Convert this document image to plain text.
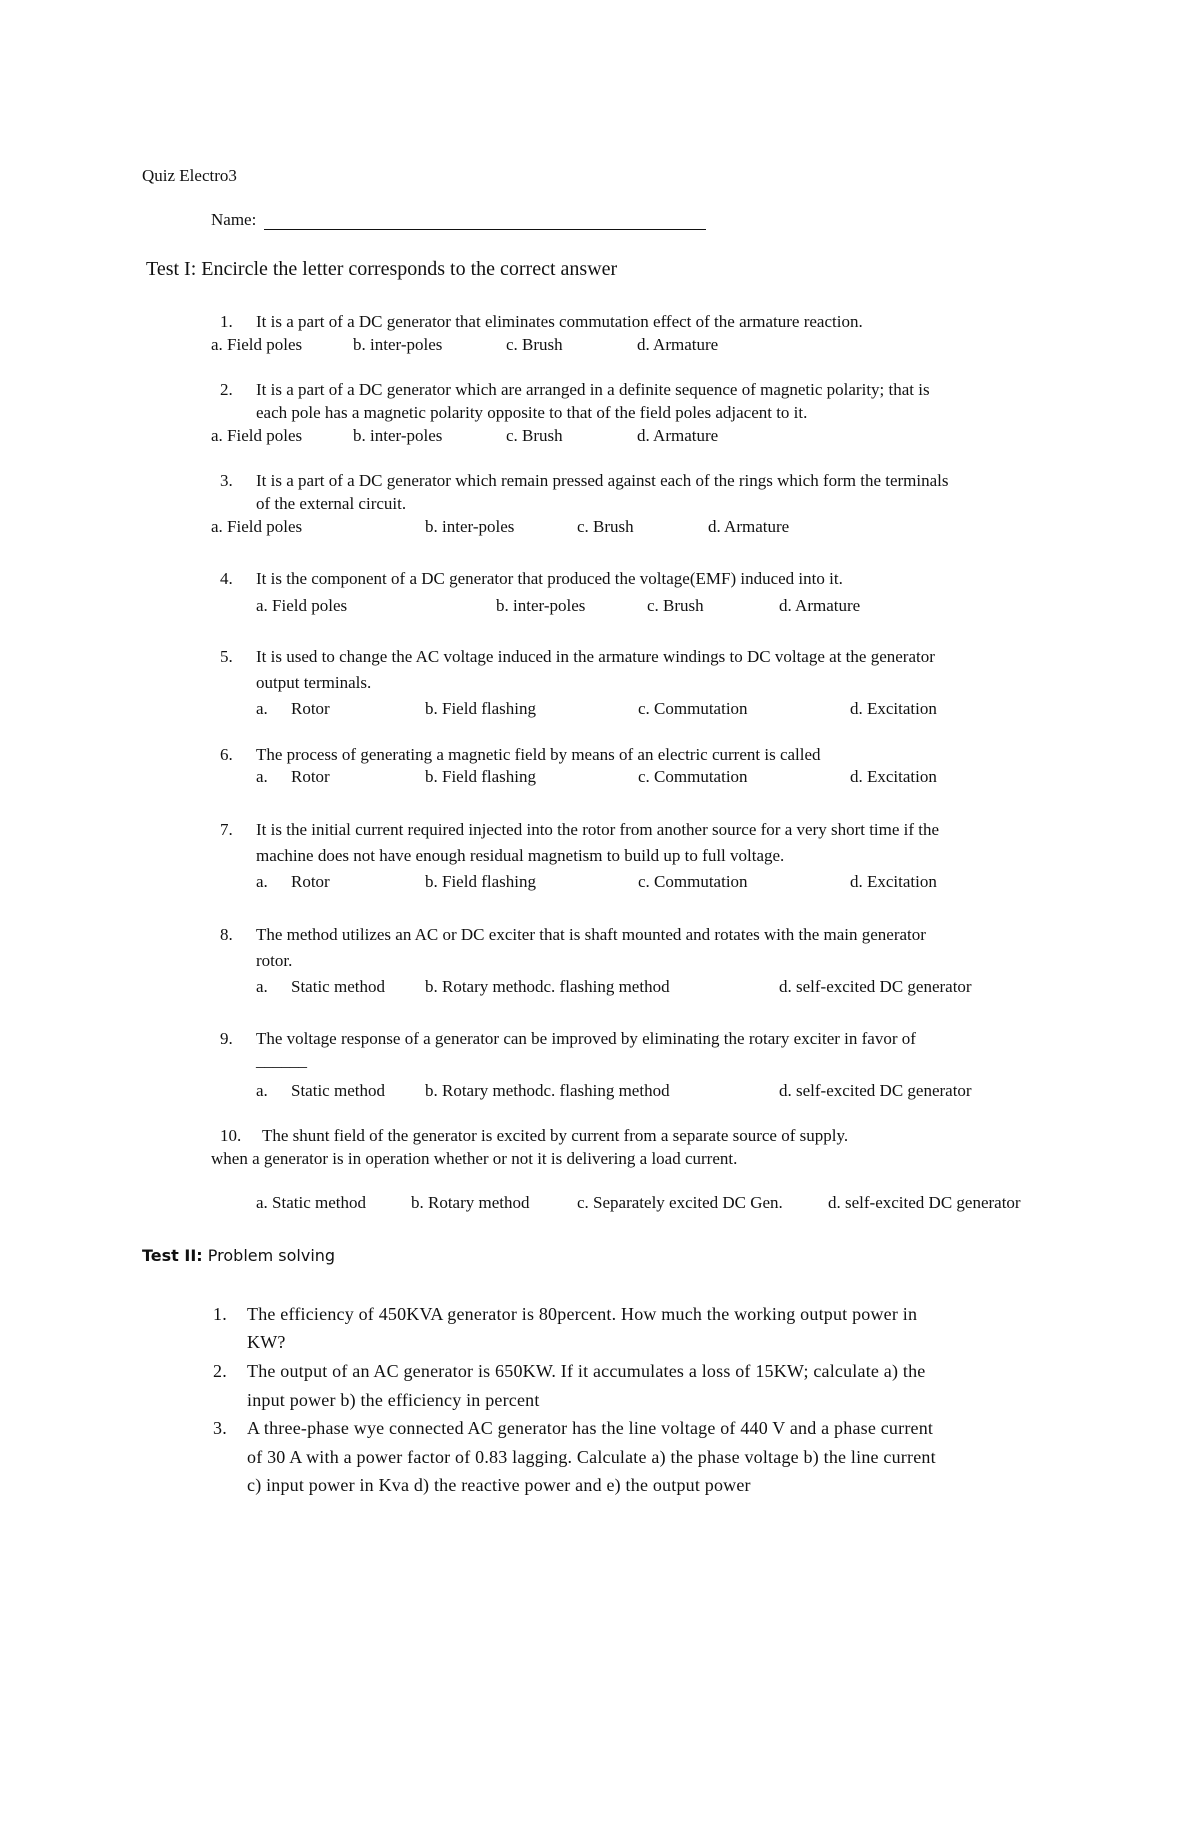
Quiz Electro3
Name:
Test I: Encircle the letter corresponds to the correct answer
1. It is a part of a DC generator that eliminates commutation effect of the armature reaction.
a. Field poles	b. inter-poles	c. Brush	d. Armature
2. It is a part of a DC generator which are arranged in a definite sequence of magnetic polarity; that is
each pole has a magnetic polarity opposite to that of the field poles adjacent to it.
a. Field poles	b. inter-poles	c. Brush	d. Armature
3. It is a part of a DC generator which remain pressed against each of the rings which form the terminals
of the external circuit.
a. Field poles	b. inter-poles	c. Brush	d. Armature
4. It is the component of a DC generator that produced the voltage(EMF) induced into it.
a. Field poles	b. inter-poles	c. Brush	d. Armature
5. It is used to change the AC voltage induced in the armature windings to DC voltage at the generator
output terminals.
a. Rotor	b. Field flashing	c. Commutation	d. Excitation
6. The process of generating a magnetic field by means of an electric current is called
a. Rotor	b. Field flashing	c. Commutation	d. Excitation
7. It is the initial current required injected into the rotor from another source for a very short time if the
machine does not have enough residual magnetism to build up to full voltage.
a. Rotor	b. Field flashing	c. Commutation	d. Excitation
8. The method utilizes an AC or DC exciter that is shaft mounted and rotates with the main generator
rotor.
a. Static method b. Rotary methodc. flashing method	d. self-excited DC generator
9. The voltage response of a generator can be improved by eliminating the rotary exciter in favor of
______
a. Static method b. Rotary methodc. flashing method	d. self-excited DC generator
10. The shunt field of the generator is excited by current from a separate source of supply.
when a generator is in operation whether or not it is delivering a load current.
a. Static method	b. Rotary method	c. Separately excited DC Gen.	d. self-excited DC generator
Test II: Problem solving
1. The efficiency of 450KVA generator is 80percent. How much the working output power in
KW?
2. The output of an AC generator is 650KW. If it accumulates a loss of 15KW; calculate a) the
input power b) the efficiency in percent
3. A three-phase wye connected AC generator has the line voltage of 440 V and a phase current
of 30 A with a power factor of 0.83 lagging. Calculate a) the phase voltage b) the line current
c) input power in Kva d) the reactive power and e) the output power
